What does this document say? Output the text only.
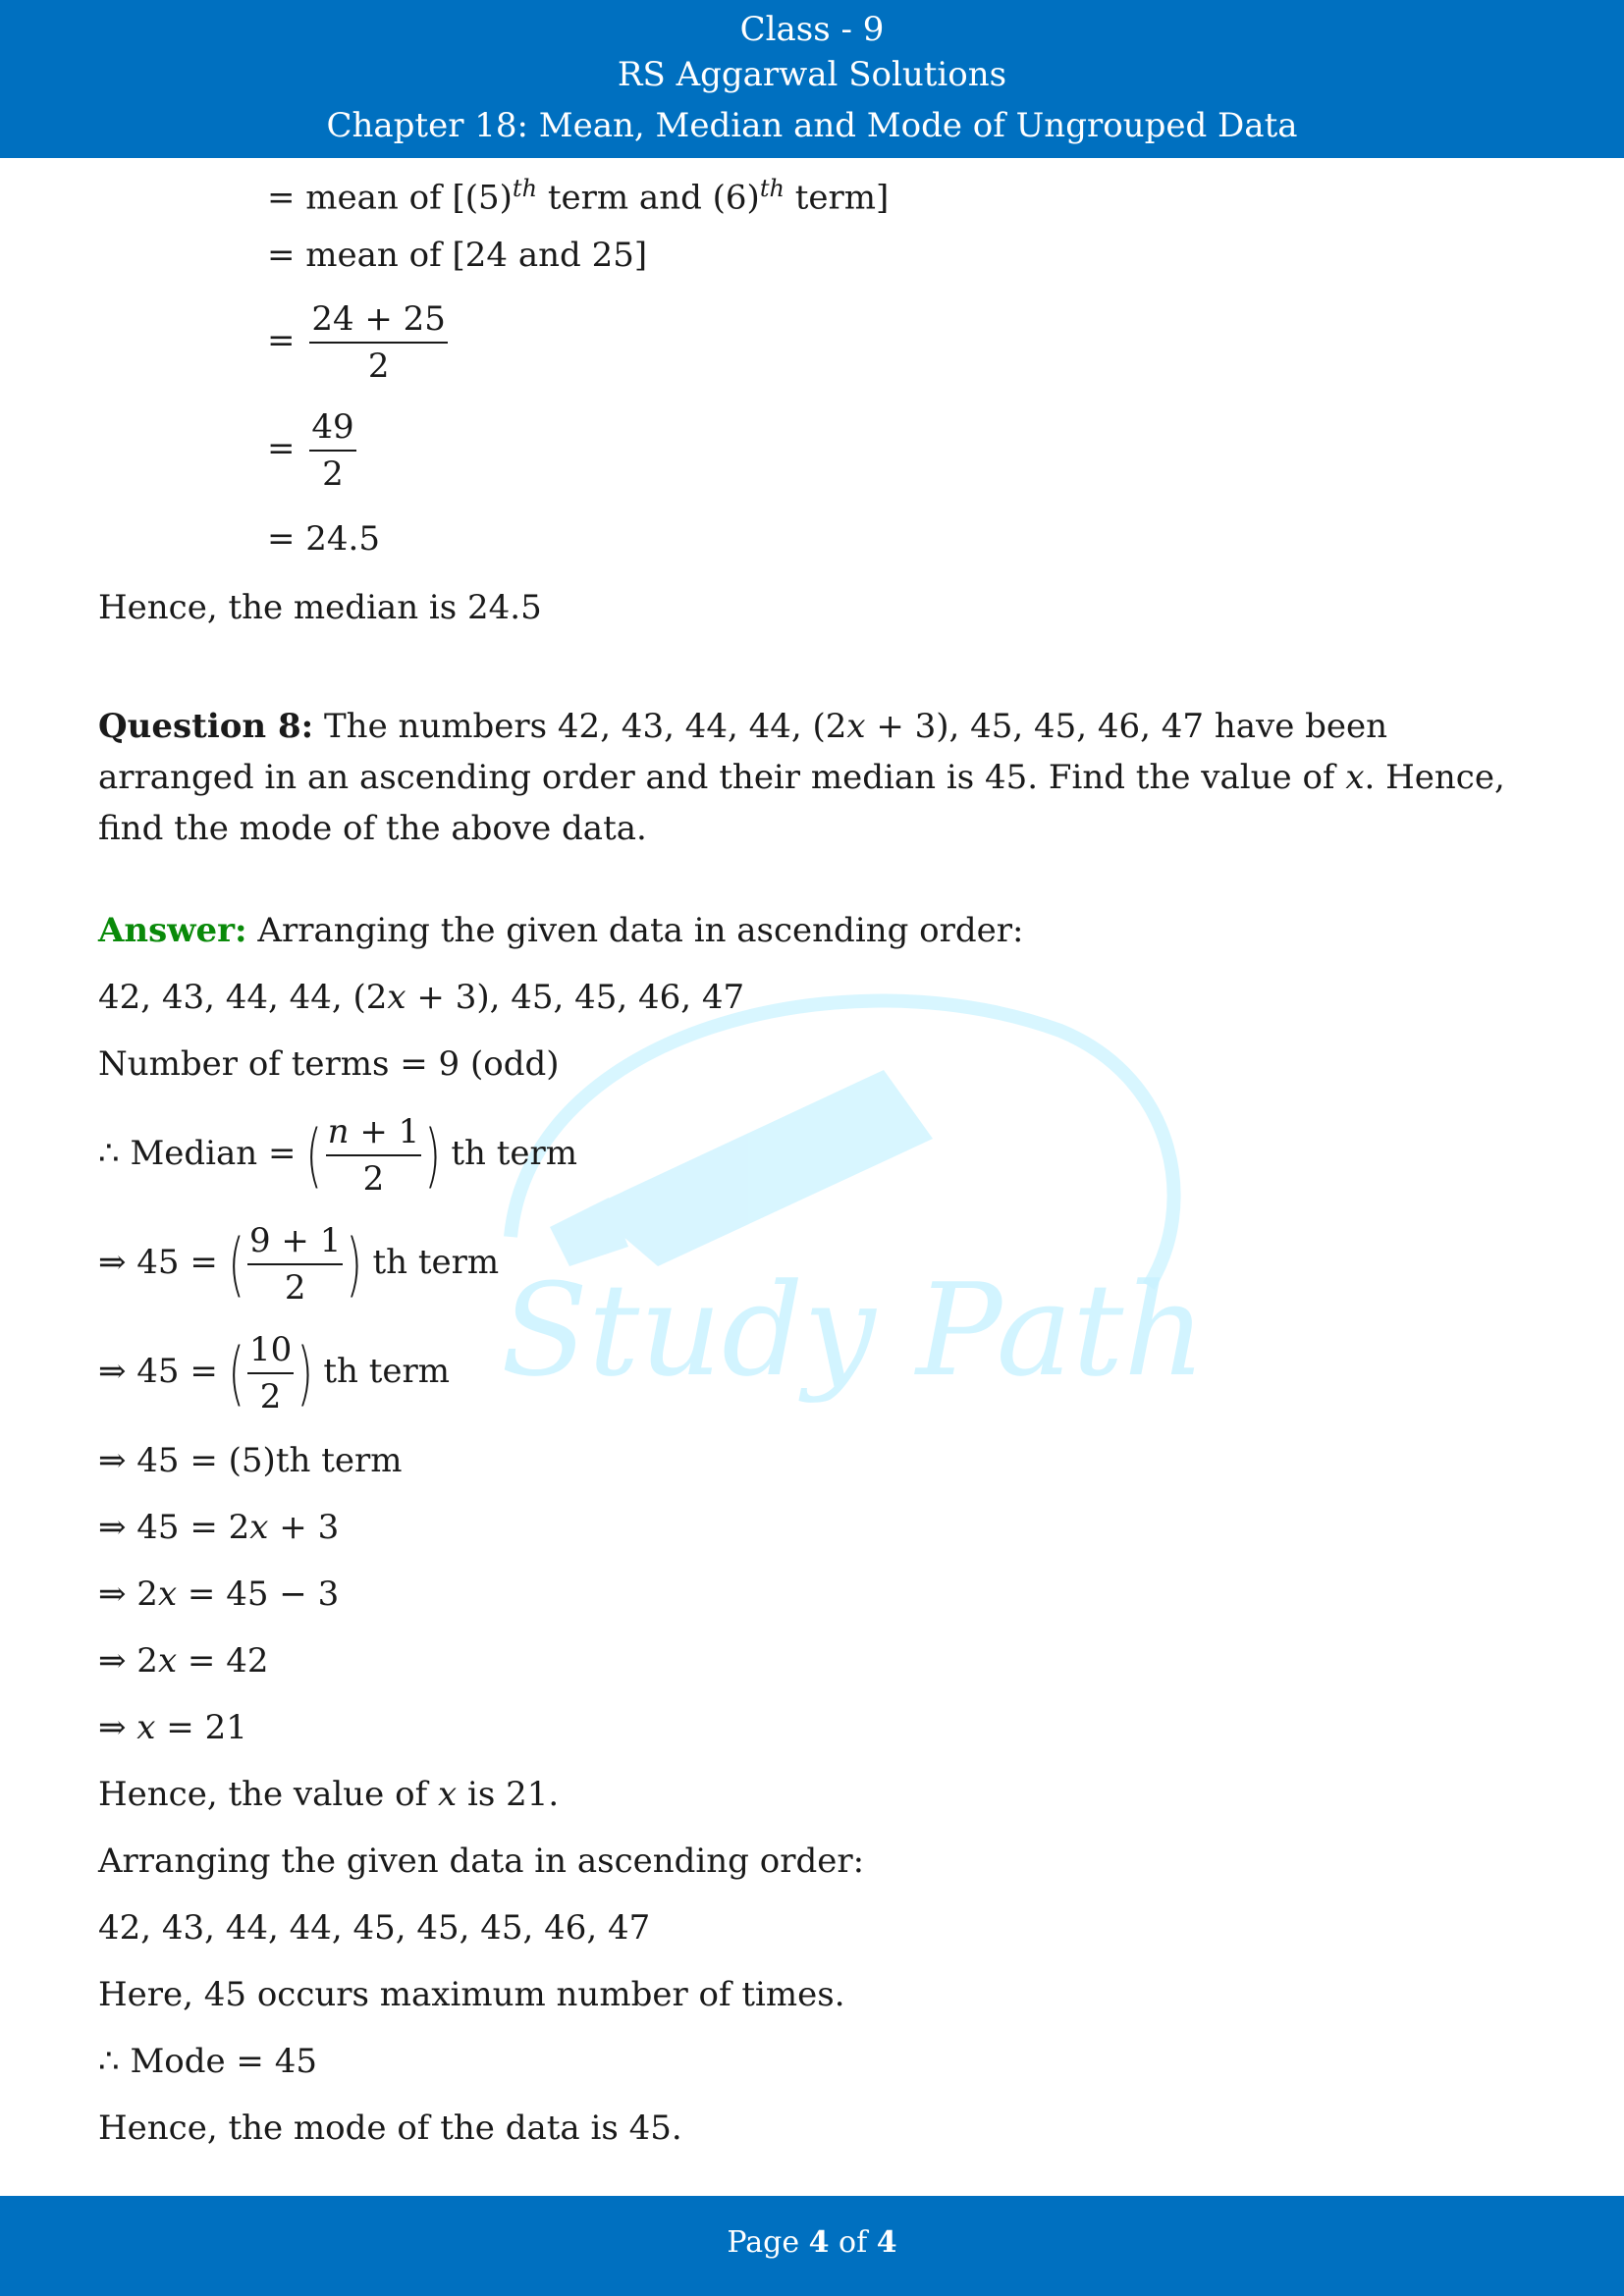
Class - 9
RS Aggarwal Solutions
Chapter 18: Mean, Median and Mode of Ungrouped Data
Study Path
= mean of [$(5)^{th}$ term and $(6)^{th}$ term]
= mean of [24 and 25]
= $\frac{24 + 25}{2}$
= $\frac{49}{2}$
= 24.5
Hence, the median is 24.5
Question 8: The numbers 42, 43, 44, 44, (2x + 3), 45, 45, 46, 47 have been arranged in an ascending order and their median is 45. Find the value of x. Hence, find the mode of the above data.
Answer: Arranging the given data in ascending order:
42, 43, 44, 44, (2x + 3), 45, 45, 46, 47
Number of terms = 9 (odd)
∴ Median = ( $\frac{n + 1}{2}$ ) th term
⇒ 45 = ( $\frac{9 + 1}{2}$ ) th term
⇒ 45 = ( $\frac{10}{2}$ ) th term
⇒ 45 = (5)th term
⇒ 45 = 2x + 3
⇒ 2x = 45 − 3
⇒ 2x = 42
⇒ x = 21
Hence, the value of x is 21.
Arranging the given data in ascending order:
42, 43, 44, 44, 45, 45, 45, 46, 47
Here, 45 occurs maximum number of times.
∴ Mode = 45
Hence, the mode of the data is 45.
Page 4 of 4
